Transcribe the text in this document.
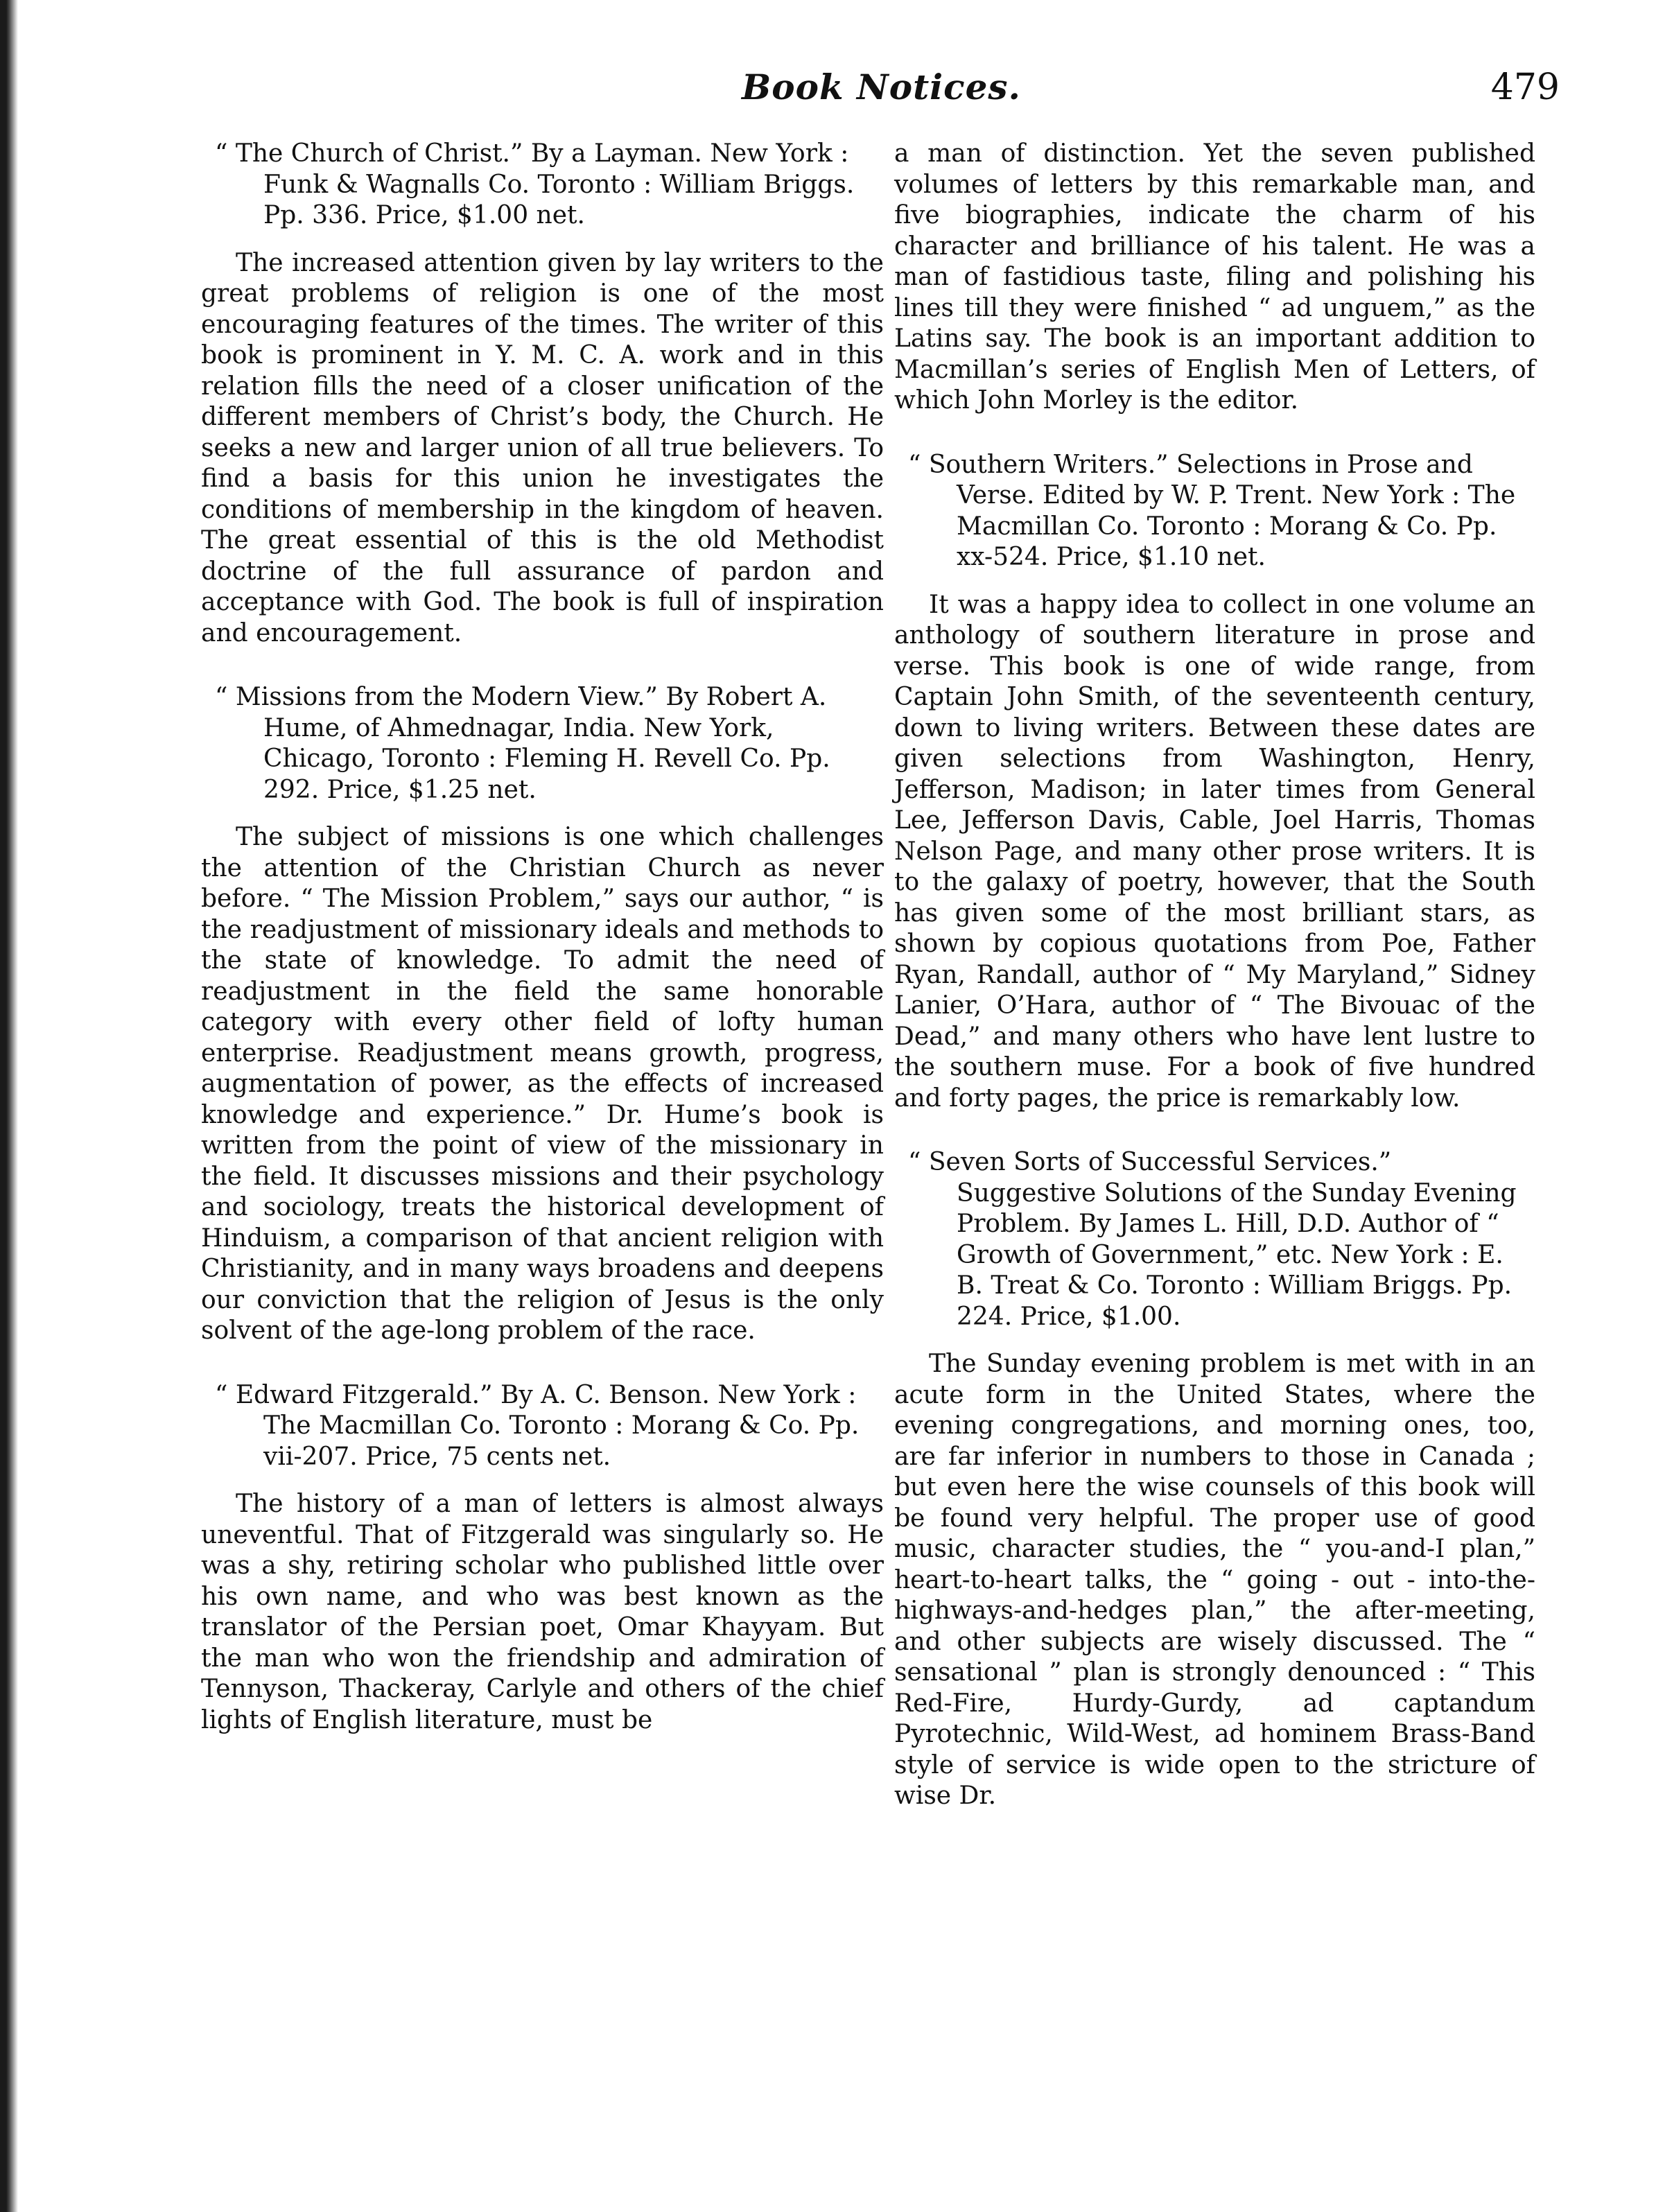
Book Notices.	479

“ The Church of Christ.” By a Layman. New York : Funk & Wagnalls Co. Toronto : William Briggs. Pp. 336. Price, $1.00 net.

The increased attention given by lay writers to the great problems of religion is one of the most encouraging features of the times. The writer of this book is prominent in Y. M. C. A. work and in this relation fills the need of a closer unification of the different members of Christ’s body, the Church. He seeks a new and larger union of all true believers. To find a basis for this union he investigates the conditions of membership in the kingdom of heaven. The great essential of this is the old Methodist doctrine of the full assurance of pardon and acceptance with God. The book is full of inspiration and encouragement.

“ Missions from the Modern View.” By Robert A. Hume, of Ahmednagar, India. New York, Chicago, Toronto : Fleming H. Revell Co. Pp. 292. Price, $1.25 net.

The subject of missions is one which challenges the attention of the Christian Church as never before. “ The Mission Problem,” says our author, “ is the readjustment of missionary ideals and methods to the state of knowledge. To admit the need of readjustment in the field the same honorable category with every other field of lofty human enterprise. Readjustment means growth, progress, augmentation of power, as the effects of increased knowledge and experience.” Dr. Hume’s book is written from the point of view of the missionary in the field. It discusses missions and their psychology and sociology, treats the historical development of Hinduism, a comparison of that ancient religion with Christianity, and in many ways broadens and deepens our conviction that the religion of Jesus is the only solvent of the age-long problem of the race.

“ Edward Fitzgerald.” By A. C. Benson. New York : The Macmillan Co. Toronto : Morang & Co. Pp. vii-207. Price, 75 cents net.

The history of a man of letters is almost always uneventful. That of Fitzgerald was singularly so. He was a shy, retiring scholar who published little over his own name, and who was best known as the translator of the Persian poet, Omar Khayyam. But the man who won the friendship and admiration of Tennyson, Thackeray, Carlyle and others of the chief lights of English literature, must be

a man of distinction. Yet the seven published volumes of letters by this remarkable man, and five biographies, indicate the charm of his character and brilliance of his talent. He was a man of fastidious taste, filing and polishing his lines till they were finished “ ad unguem,” as the Latins say. The book is an important addition to Macmillan’s series of English Men of Letters, of which John Morley is the editor.

“ Southern Writers.” Selections in Prose and Verse. Edited by W. P. Trent. New York : The Macmillan Co. Toronto : Morang & Co. Pp. xx-524. Price, $1.10 net.

It was a happy idea to collect in one volume an anthology of southern literature in prose and verse. This book is one of wide range, from Captain John Smith, of the seventeenth century, down to living writers. Between these dates are given selections from Washington, Henry, Jefferson, Madison; in later times from General Lee, Jefferson Davis, Cable, Joel Harris, Thomas Nelson Page, and many other prose writers. It is to the galaxy of poetry, however, that the South has given some of the most brilliant stars, as shown by copious quotations from Poe, Father Ryan, Randall, author of “ My Maryland,” Sidney Lanier, O’Hara, author of “ The Bivouac of the Dead,” and many others who have lent lustre to the southern muse. For a book of five hundred and forty pages, the price is remarkably low.

“ Seven Sorts of Successful Services.” Suggestive Solutions of the Sunday Evening Problem. By James L. Hill, D.D. Author of “ Growth of Government,” etc. New York : E. B. Treat & Co. Toronto : William Briggs. Pp. 224. Price, $1.00.

The Sunday evening problem is met with in an acute form in the United States, where the evening congregations, and morning ones, too, are far inferior in numbers to those in Canada ; but even here the wise counsels of this book will be found very helpful. The proper use of good music, character studies, the “ you-and-I plan,” heart-to-heart talks, the “ going - out - into-the-highways-and-hedges plan,” the after-meeting, and other subjects are wisely discussed. The “ sensational ” plan is strongly denounced : “ This Red-Fire, Hurdy-Gurdy, ad captandum Pyrotechnic, Wild-West, ad hominem Brass-Band style of service is wide open to the stricture of wise Dr.
